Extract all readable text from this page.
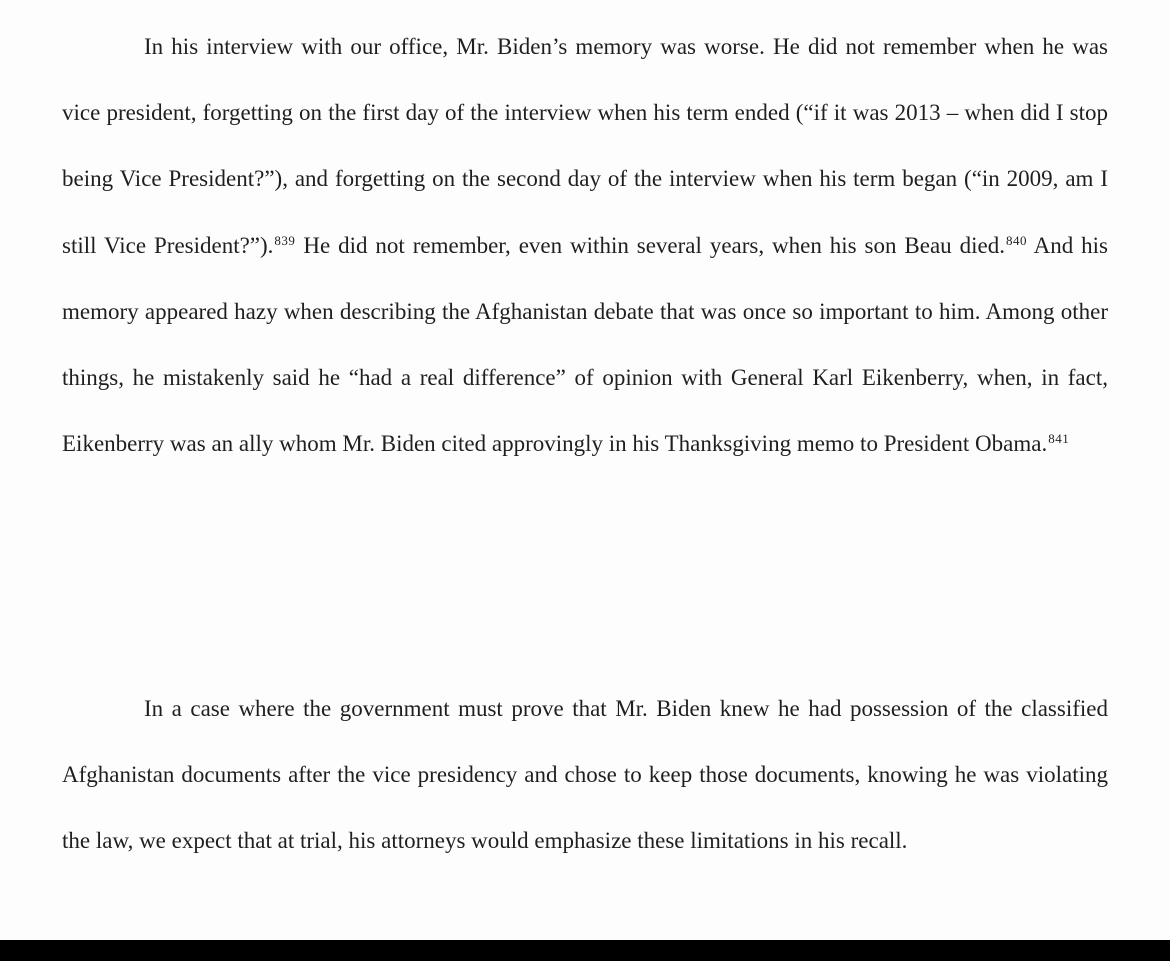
In his interview with our office, Mr. Biden’s memory was worse. He did not remember when he was vice president, forgetting on the first day of the interview when his term ended (“if it was 2013 – when did I stop being Vice President?”), and forgetting on the second day of the interview when his term began (“in 2009, am I still Vice President?”).$^{839}$ He did not remember, even within several years, when his son Beau died.$^{840}$ And his memory appeared hazy when describing the Afghanistan debate that was once so important to him. Among other things, he mistakenly said he “had a real difference” of opinion with General Karl Eikenberry, when, in fact, Eikenberry was an ally whom Mr. Biden cited approvingly in his Thanksgiving memo to President Obama.$^{841}$

In a case where the government must prove that Mr. Biden knew he had possession of the classified Afghanistan documents after the vice presidency and chose to keep those documents, knowing he was violating the law, we expect that at trial, his attorneys would emphasize these limitations in his recall.
